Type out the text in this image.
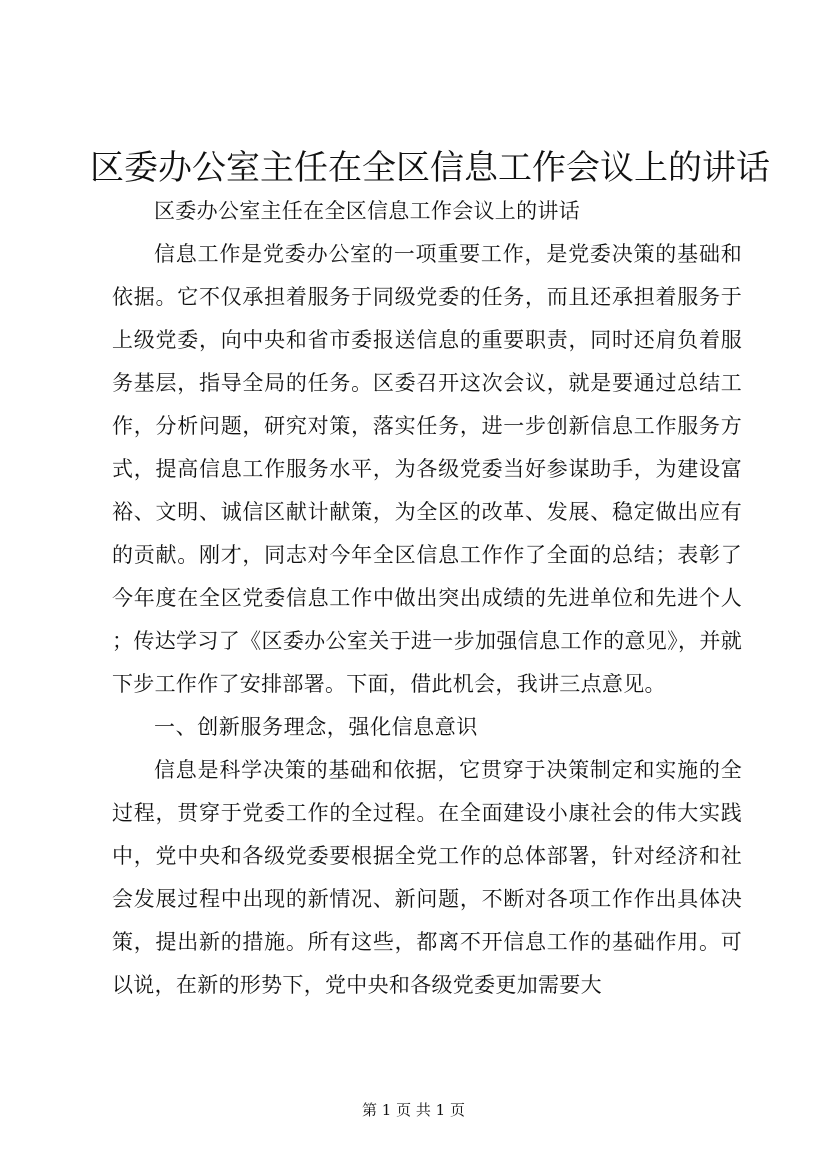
区委办公室主任在全区信息工作会议上的讲话

区委办公室主任在全区信息工作会议上的讲话

信息工作是党委办公室的一项重要工作，是党委决策的基础和依据。它不仅承担着服务于同级党委的任务，而且还承担着服务于上级党委，向中央和省市委报送信息的重要职责，同时还肩负着服务基层，指导全局的任务。区委召开这次会议，就是要通过总结工作，分析问题，研究对策，落实任务，进一步创新信息工作服务方式，提高信息工作服务水平，为各级党委当好参谋助手，为建设富裕、文明、诚信区献计献策，为全区的改革、发展、稳定做出应有的贡献。刚才，同志对今年全区信息工作作了全面的总结；表彰了今年度在全区党委信息工作中做出突出成绩的先进单位和先进个人；传达学习了《区委办公室关于进一步加强信息工作的意见》，并就下步工作作了安排部署。下面，借此机会，我讲三点意见。

一、创新服务理念，强化信息意识

信息是科学决策的基础和依据，它贯穿于决策制定和实施的全过程，贯穿于党委工作的全过程。在全面建设小康社会的伟大实践中，党中央和各级党委要根据全党工作的总体部署，针对经济和社会发展过程中出现的新情况、新问题，不断对各项工作作出具体决策，提出新的措施。所有这些，都离不开信息工作的基础作用。可以说，在新的形势下，党中央和各级党委更加需要大

第 1 页 共 1 页
